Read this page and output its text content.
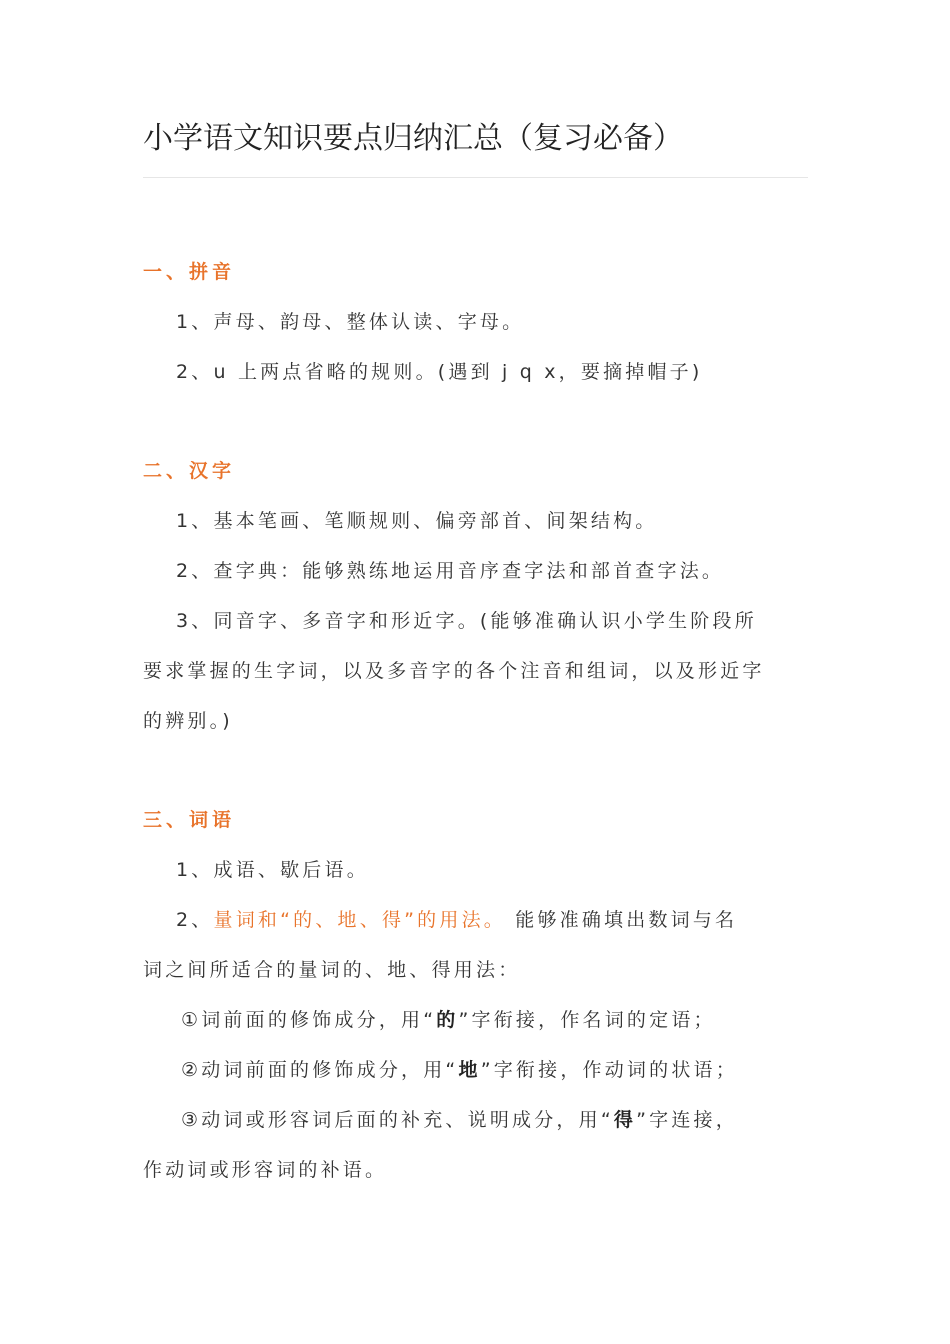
小学语文知识要点归纳汇总（复习必备）
一、拼音
1、声母、韵母、整体认读、字母。
2、u 上两点省略的规则。(遇到 j q x，要摘掉帽子)
二、汉字
1、基本笔画、笔顺规则、偏旁部首、间架结构。
2、查字典：能够熟练地运用音序查字法和部首查字法。
3、同音字、多音字和形近字。(能够准确认识小学生阶段所
要求掌握的生字词，以及多音字的各个注音和组词，以及形近字
的辨别。)
三、词语
1、成语、歇后语。
2、量词和“的、地、得”的用法。 能够准确填出数词与名
词之间所适合的量词的、地、得用法：
①词前面的修饰成分，用“的”字衔接，作名词的定语；
②动词前面的修饰成分，用“地”字衔接，作动词的状语；
③动词或形容词后面的补充、说明成分，用“得”字连接，
作动词或形容词的补语。
